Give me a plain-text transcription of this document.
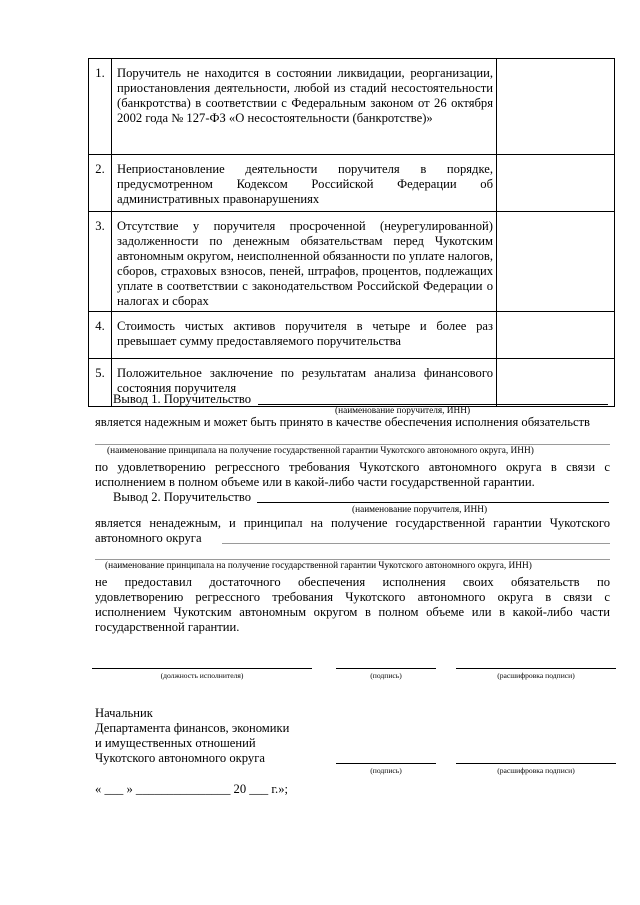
1.	Поручитель не находится в состоянии ликвидации, реорганизации, приостановления деятельности, любой из стадий несостоятельности (банкротства) в соответствии с Федеральным законом от 26 октября 2002 года № 127-ФЗ «О несостоятельности (банкротстве)»	
2.	Неприостановление деятельности поручителя в порядке, предусмотренном Кодексом Российской Федерации об административных правонарушениях	
3.	Отсутствие у поручителя просроченной (неурегулированной) задолженности по денежным обязательствам перед Чукотским автономным округом, неисполненной обязанности по уплате налогов, сборов, страховых взносов, пеней, штрафов, процентов, подлежащих уплате в соответствии с законодательством Российской Федерации о налогах и сборах	
4.	Стоимость чистых активов поручителя в четыре и более раз превышает сумму предоставляемого поручительства	
5.	Положительное заключение по результатам анализа финансового состояния поручителя	
Вывод 1. Поручительство
(наименование поручителя, ИНН)
является надежным и может быть принято в качестве обеспечения исполнения обязательств
(наименование принципала на получение государственной гарантии Чукотского автономного округа, ИНН)
по удовлетворению регрессного требования Чукотского автономного округа в связи с
исполнением в полном объеме или в какой-либо части государственной гарантии.
Вывод 2. Поручительство
(наименование поручителя, ИНН)
является ненадежным, и принципал на получение государственной гарантии Чукотского
автономного округа
(наименование принципала на получение государственной гарантии Чукотского автономного округа, ИНН)
не предоставил достаточного обеспечения исполнения своих обязательств по
удовлетворению регрессного требования Чукотского автономного округа в связи с
исполнением Чукотским автономным округом в полном объеме или в какой-либо части
государственной гарантии.
(должность исполнителя)	(подпись)	(расшифровка подписи)
Начальник
Департамента финансов, экономики
и имущественных отношений
Чукотского автономного округа
(подпись)	(расшифровка подписи)
« ___ » _______________ 20 ___ г.»;
